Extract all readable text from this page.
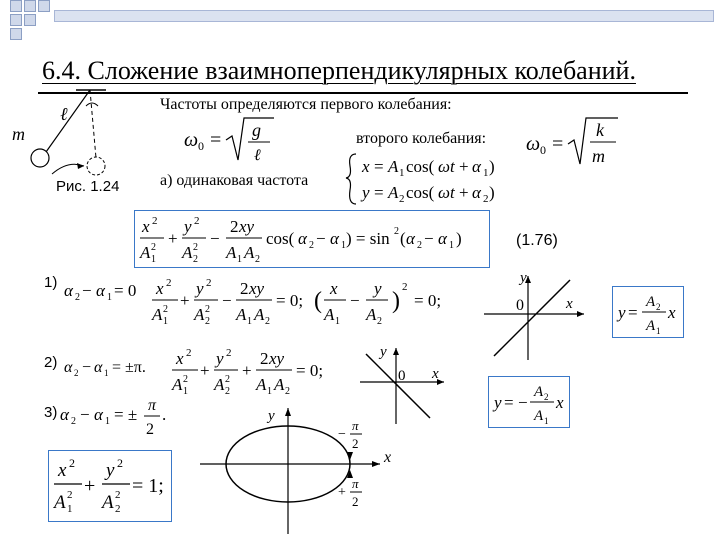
6.4. Сложение взаимноперпендикулярных колебаний.
m
ℓ
Рис. 1.24
Частоты определяются первого колебания:
ω 0 = g
ℓ
второго колебания: ω 0 =
k
m
а) одинаковая частота
x = A 1 cos( ωt + α 1 )
y = A 2 cos( ωt + α 2 )
x 2
A 2
1
+
y 2
A 2
2
−
2 xy
A 1 A 2
cos( α 2 − α 1 ) = sin 2 ( α 2 − α 1 )	(1.76)
1) α 2 − α 1 = 0 x 2
A 2
1
+
y 2
A 2
2
−
2 xy
A 1 A 2
= 0; ( x
A 1
−
y
A 2
)
2
= 0;
y
x
0	y =
A 2
A 1
x
2) α 2 − α 1 = ±π. x 2
A 2
1
+
y 2
A 2
2
+
2 xy
A 1 A 2
= 0;
y
x
0
y = −
A 2
A 1
x
3) α 2 − α 1 = ± π
2
.	y
x
−
π
2
+
π
2
x 2
A 2
1
+
y 2
A 2
2
= 1;
